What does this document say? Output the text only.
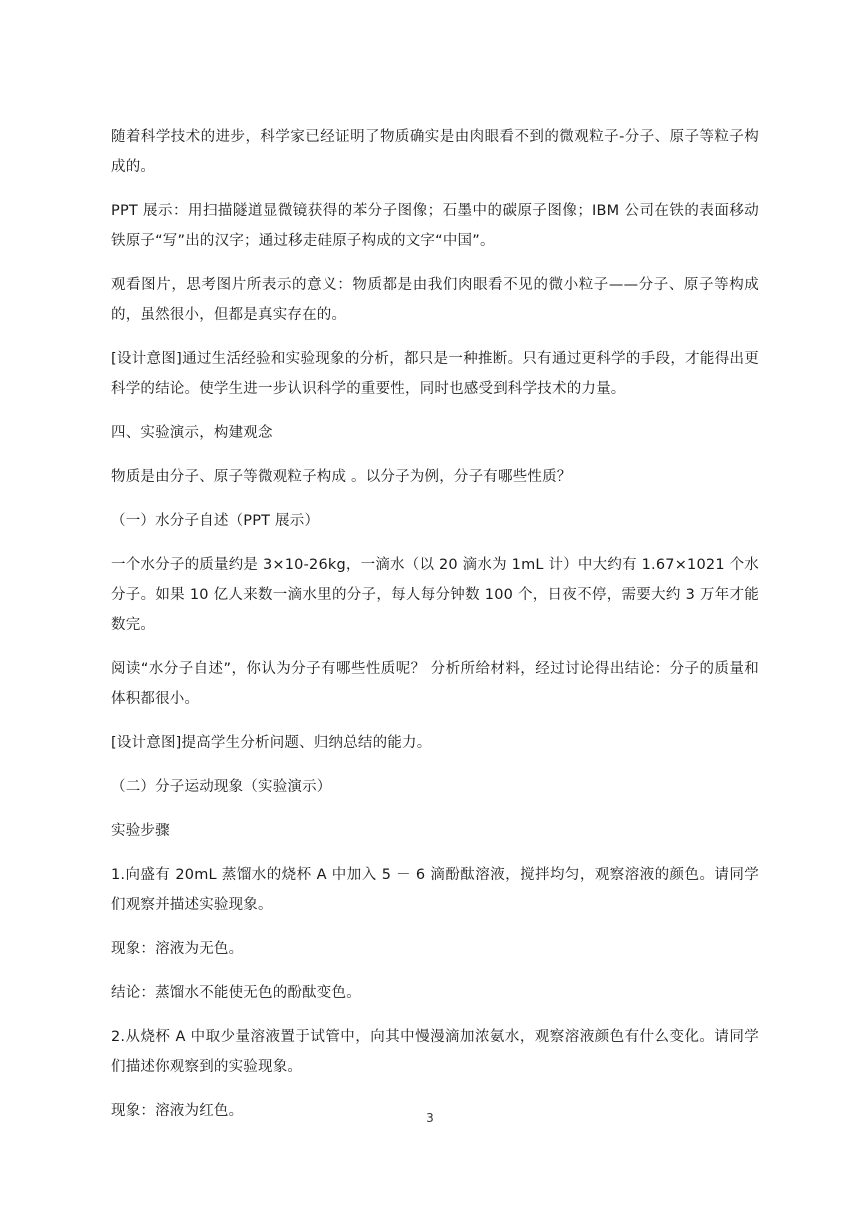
随着科学技术的进步，科学家已经证明了物质确实是由肉眼看不到的微观粒子-分子、原子等粒子构成的。

PPT 展示：用扫描隧道显微镜获得的苯分子图像；石墨中的碳原子图像；IBM 公司在铁的表面移动铁原子“写”出的汉字；通过移走硅原子构成的文字“中国”。

观看图片，思考图片所表示的意义：物质都是由我们肉眼看不见的微小粒子——分子、原子等构成的，虽然很小，但都是真实存在的。

[设计意图]通过生活经验和实验现象的分析，都只是一种推断。只有通过更科学的手段，才能得出更科学的结论。使学生进一步认识科学的重要性，同时也感受到科学技术的力量。

四、实验演示，构建观念

物质是由分子、原子等微观粒子构成 。以分子为例，分子有哪些性质？

（一）水分子自述（PPT 展示）

一个水分子的质量约是 3×10-26kg，一滴水（以 20 滴水为 1mL 计）中大约有 1.67×1021 个水分子。如果 10 亿人来数一滴水里的分子，每人每分钟数 100 个，日夜不停，需要大约 3 万年才能数完。

阅读“水分子自述”，你认为分子有哪些性质呢？ 分析所给材料，经过讨论得出结论：分子的质量和体积都很小。

[设计意图]提高学生分析问题、归纳总结的能力。

（二）分子运动现象（实验演示）

实验步骤

1.向盛有 20mL 蒸馏水的烧杯 A 中加入 5 － 6 滴酚酞溶液，搅拌均匀，观察溶液的颜色。请同学们观察并描述实验现象。

现象：溶液为无色。

结论：蒸馏水不能使无色的酚酞变色。

2.从烧杯 A 中取少量溶液置于试管中，向其中慢漫滴加浓氨水，观察溶液颜色有什么变化。请同学们描述你观察到的实验现象。

现象：溶液为红色。	3
